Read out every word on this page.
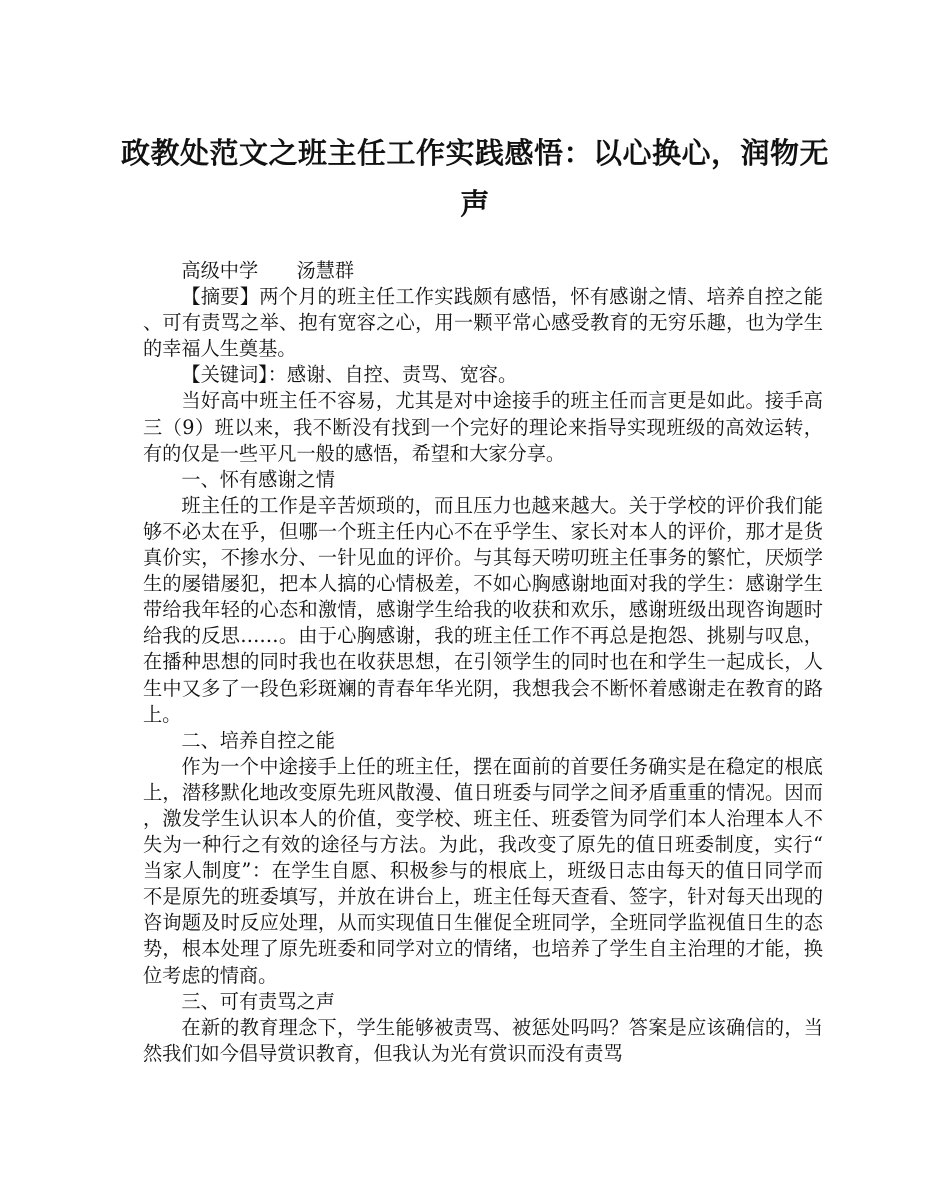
政教处范文之班主任工作实践感悟：以心换心，润物无声

高级中学　　汤慧群

【摘要】两个月的班主任工作实践颇有感悟，怀有感谢之情、培养自控之能、可有责骂之举、抱有宽容之心，用一颗平常心感受教育的无穷乐趣，也为学生的幸福人生奠基。

【关键词】：感谢、自控、责骂、宽容。

当好高中班主任不容易，尤其是对中途接手的班主任而言更是如此。接手高三（9）班以来，我不断没有找到一个完好的理论来指导实现班级的高效运转，有的仅是一些平凡一般的感悟，希望和大家分享。

一、怀有感谢之情

班主任的工作是辛苦烦琐的，而且压力也越来越大。关于学校的评价我们能够不必太在乎，但哪一个班主任内心不在乎学生、家长对本人的评价，那才是货真价实，不掺水分、一针见血的评价。与其每天唠叨班主任事务的繁忙，厌烦学生的屡错屡犯，把本人搞的心情极差，不如心胸感谢地面对我的学生：感谢学生带给我年轻的心态和激情，感谢学生给我的收获和欢乐，感谢班级出现咨询题时给我的反思……。由于心胸感谢，我的班主任工作不再总是抱怨、挑剔与叹息，在播种思想的同时我也在收获思想，在引领学生的同时也在和学生一起成长，人生中又多了一段色彩斑斓的青春年华光阴，我想我会不断怀着感谢走在教育的路上。

二、培养自控之能

作为一个中途接手上任的班主任，摆在面前的首要任务确实是在稳定的根底上，潜移默化地改变原先班风散漫、值日班委与同学之间矛盾重重的情况。因而，激发学生认识本人的价值，变学校、班主任、班委管为同学们本人治理本人不失为一种行之有效的途径与方法。为此，我改变了原先的值日班委制度，实行“当家人制度”：在学生自愿、积极参与的根底上，班级日志由每天的值日同学而不是原先的班委填写，并放在讲台上，班主任每天查看、签字，针对每天出现的咨询题及时反应处理，从而实现值日生催促全班同学，全班同学监视值日生的态势，根本处理了原先班委和同学对立的情绪，也培养了学生自主治理的才能，换位考虑的情商。

三、可有责骂之声

在新的教育理念下，学生能够被责骂、被惩处吗吗？答案是应该确信的，当然我们如今倡导赏识教育，但我认为光有赏识而没有责骂
